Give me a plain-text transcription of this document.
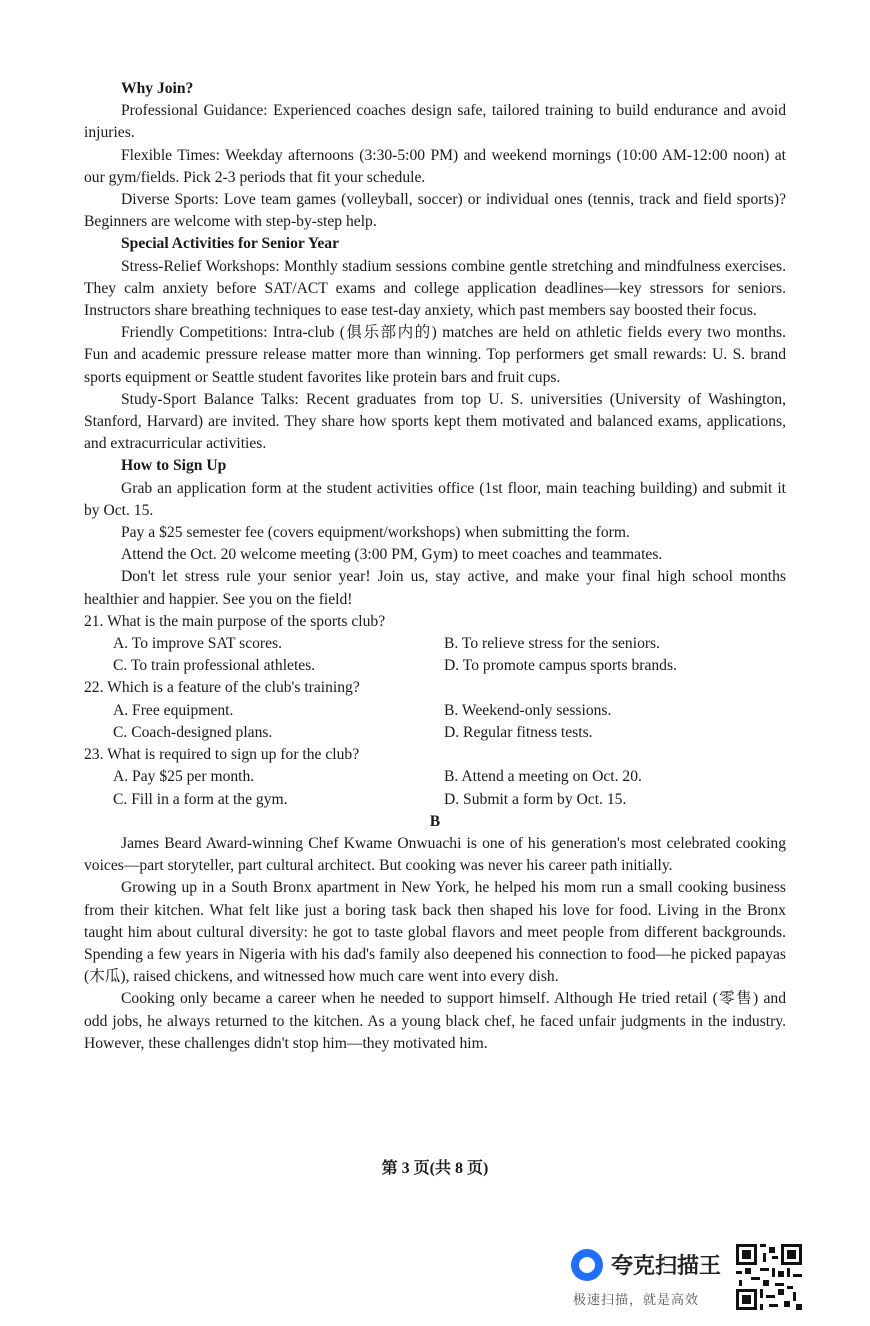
Why Join?

Professional Guidance: Experienced coaches design safe, tailored training to build endurance and avoid injuries.

Flexible Times: Weekday afternoons (3:30-5:00 PM) and weekend mornings (10:00 AM-12:00 noon) at our gym/fields. Pick 2-3 periods that fit your schedule.

Diverse Sports: Love team games (volleyball, soccer) or individual ones (tennis, track and field sports)? Beginners are welcome with step-by-step help.

Special Activities for Senior Year

Stress-Relief Workshops: Monthly stadium sessions combine gentle stretching and mindfulness exercises. They calm anxiety before SAT/ACT exams and college application deadlines—key stressors for seniors. Instructors share breathing techniques to ease test-day anxiety, which past members say boosted their focus.

Friendly Competitions: Intra-club (俱乐部内的) matches are held on athletic fields every two months. Fun and academic pressure release matter more than winning. Top performers get small rewards: U. S. brand sports equipment or Seattle student favorites like protein bars and fruit cups.

Study-Sport Balance Talks: Recent graduates from top U. S. universities (University of Washington, Stanford, Harvard) are invited. They share how sports kept them motivated and balanced exams, applications, and extracurricular activities.

How to Sign Up

Grab an application form at the student activities office (1st floor, main teaching building) and submit it by Oct. 15.

Pay a $25 semester fee (covers equipment/workshops) when submitting the form.

Attend the Oct. 20 welcome meeting (3:00 PM, Gym) to meet coaches and teammates.

Don't let stress rule your senior year! Join us, stay active, and make your final high school months healthier and happier. See you on the field!

21. What is the main purpose of the sports club?

A. To improve SAT scores.	B. To relieve stress for the seniors.
C. To train professional athletes.	D. To promote campus sports brands.

22. Which is a feature of the club's training?

A. Free equipment.	B. Weekend-only sessions.
C. Coach-designed plans.	D. Regular fitness tests.

23. What is required to sign up for the club?

A. Pay $25 per month.	B. Attend a meeting on Oct. 20.
C. Fill in a form at the gym.	D. Submit a form by Oct. 15.

B

James Beard Award-winning Chef Kwame Onwuachi is one of his generation's most celebrated cooking voices—part storyteller, part cultural architect. But cooking was never his career path initially.

Growing up in a South Bronx apartment in New York, he helped his mom run a small cooking business from their kitchen. What felt like just a boring task back then shaped his love for food. Living in the Bronx taught him about cultural diversity: he got to taste global flavors and meet people from different backgrounds. Spending a few years in Nigeria with his dad's family also deepened his connection to food—he picked papayas (木瓜), raised chickens, and witnessed how much care went into every dish.

Cooking only became a career when he needed to support himself. Although He tried retail (零售) and odd jobs, he always returned to the kitchen. As a young black chef, he faced unfair judgments in the industry. However, these challenges didn't stop him—they motivated him.

第 3 页(共 8 页)
夸克扫描王
极速扫描，就是高效
